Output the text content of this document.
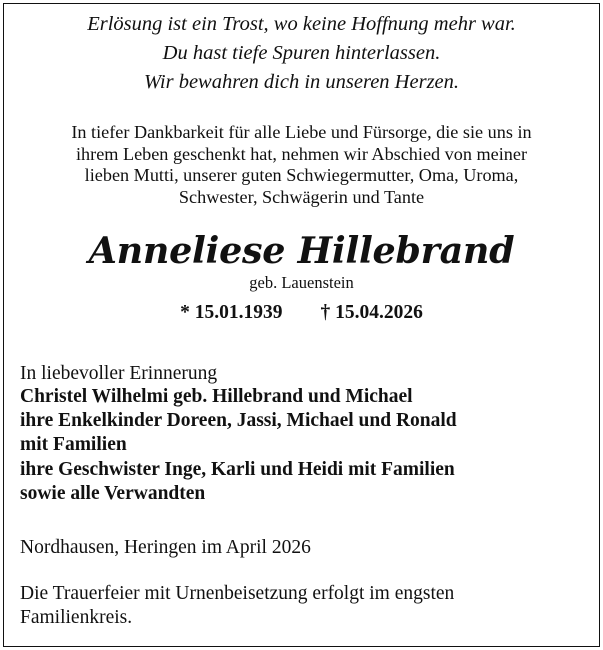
Erlösung ist ein Trost, wo keine Hoffnung mehr war.
Du hast tiefe Spuren hinterlassen.
Wir bewahren dich in unseren Herzen.
In tiefer Dankbarkeit für alle Liebe und Fürsorge, die sie uns in
ihrem Leben geschenkt hat, nehmen wir Abschied von meiner
lieben Mutti, unserer guten Schwiegermutter, Oma, Uroma,
Schwester, Schwägerin und Tante
Anneliese Hillebrand
geb. Lauenstein
* 15.01.1939 † 15.04.2026
In liebevoller Erinnerung
Christel Wilhelmi geb. Hillebrand und Michael
ihre Enkelkinder Doreen, Jassi, Michael und Ronald
mit Familien
ihre Geschwister Inge, Karli und Heidi mit Familien
sowie alle Verwandten
Nordhausen, Heringen im April 2026
Die Trauerfeier mit Urnenbeisetzung erfolgt im engsten
Familienkreis.
